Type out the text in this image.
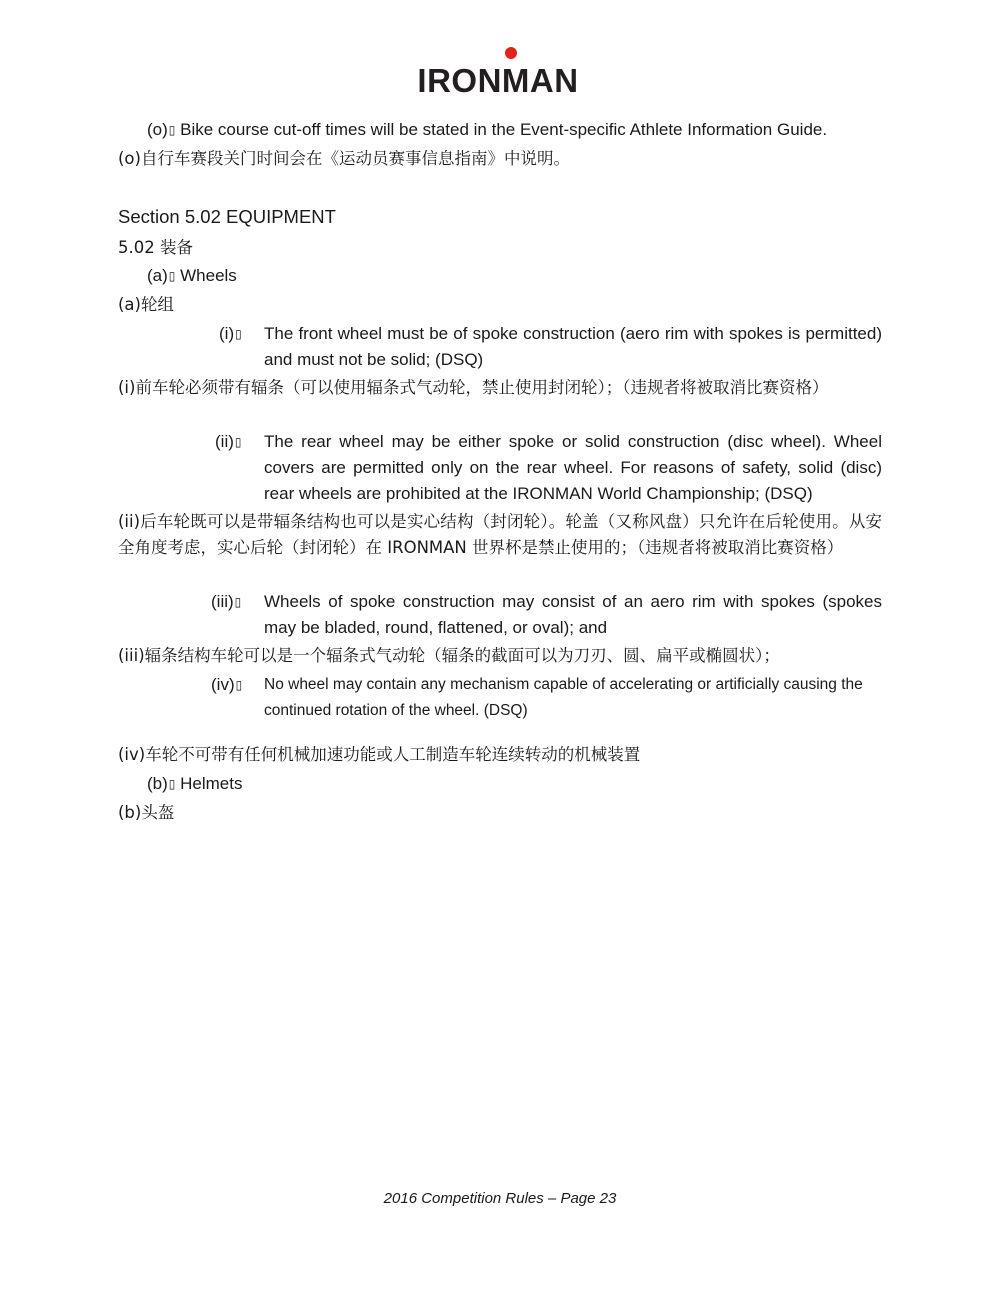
IRONMAN
(o)▯ Bike course cut-off times will be stated in the Event-specific Athlete Information Guide.
(o)自行车赛段关门时间会在《运动员赛事信息指南》中说明。
Section 5.02 EQUIPMENT
5.02 装备
(a)▯ Wheels
(a)轮组
(i)▯ The front wheel must be of spoke construction (aero rim with spokes is permitted) and must not be solid; (DSQ)
(i)前车轮必须带有辐条（可以使用辐条式气动轮，禁止使用封闭轮）；（违规者将被取消比赛资格）
(ii)▯ The rear wheel may be either spoke or solid construction (disc wheel). Wheel covers are permitted only on the rear wheel. For reasons of safety, solid (disc) rear wheels are prohibited at the IRONMAN World Championship; (DSQ)
(ii)后车轮既可以是带辐条结构也可以是实心结构（封闭轮）。轮盖（又称风盘）只允许在后轮使用。从安全角度考虑，实心后轮（封闭轮）在 IRONMAN 世界杯是禁止使用的；（违规者将被取消比赛资格）
(iii)▯ Wheels of spoke construction may consist of an aero rim with spokes (spokes may be bladed, round, flattened, or oval); and
(iii)辐条结构车轮可以是一个辐条式气动轮（辐条的截面可以为刀刃、圆、扁平或椭圆状）；
(iv)▯ No wheel may contain any mechanism capable of accelerating or artificially causing the continued rotation of the wheel. (DSQ)
(iv)车轮不可带有任何机械加速功能或人工制造车轮连续转动的机械装置
(b)▯ Helmets
(b)头盔
2016 Competition Rules – Page 23
